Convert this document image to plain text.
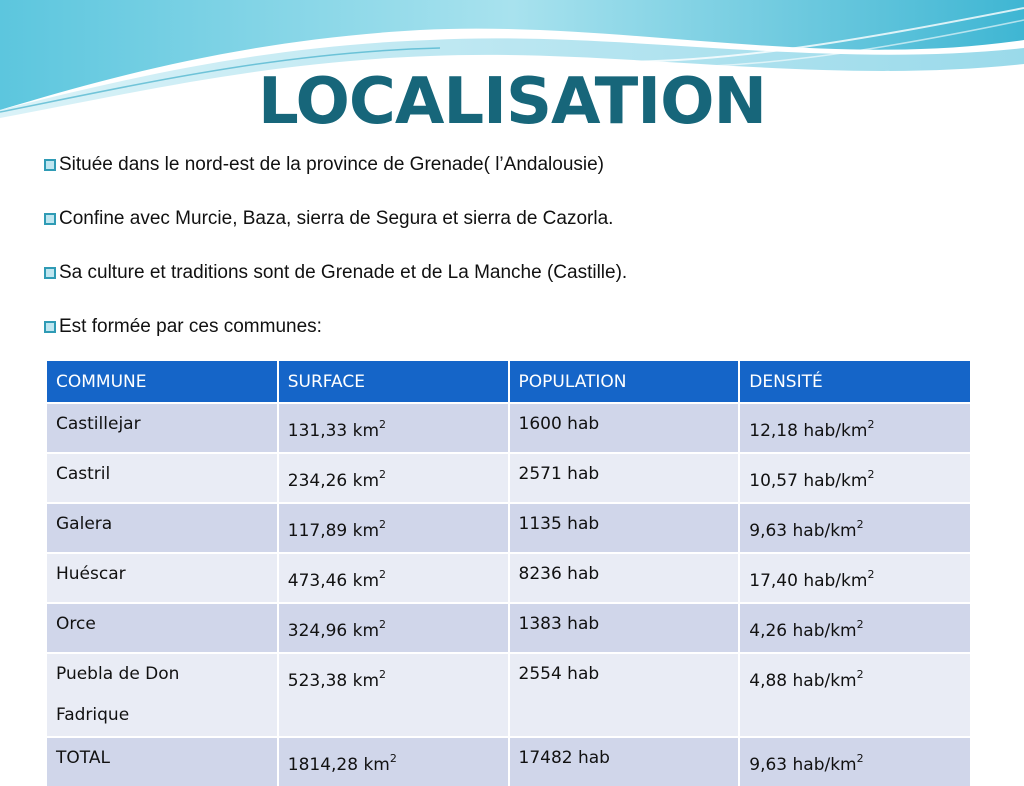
LOCALISATION
Située dans le nord-est de la province de Grenade( l’Andalousie)
Confine avec Murcie, Baza, sierra de Segura et sierra de Cazorla.
Sa culture et traditions sont de Grenade et de La Manche (Castille).
Est formée par ces communes:
COMMUNE	SURFACE	POPULATION	DENSITÉ
Castillejar	131,33 $km^2$	1600 hab	12,18 hab/$km^2$
Castril	234,26 $km^2$	2571 hab	10,57 hab/$km^2$
Galera	117,89 $km^2$	1135 hab	9,63 hab/$km^2$
Huéscar	473,46 $km^2$	8236 hab	17,40 hab/$km^2$
Orce	324,96 $km^2$	1383 hab	4,26 hab/$km^2$
Puebla de Don Fadrique	523,38 $km^2$	2554 hab	4,88 hab/$km^2$
TOTAL	1814,28 $km^2$	17482 hab	9,63 hab/$km^2$
